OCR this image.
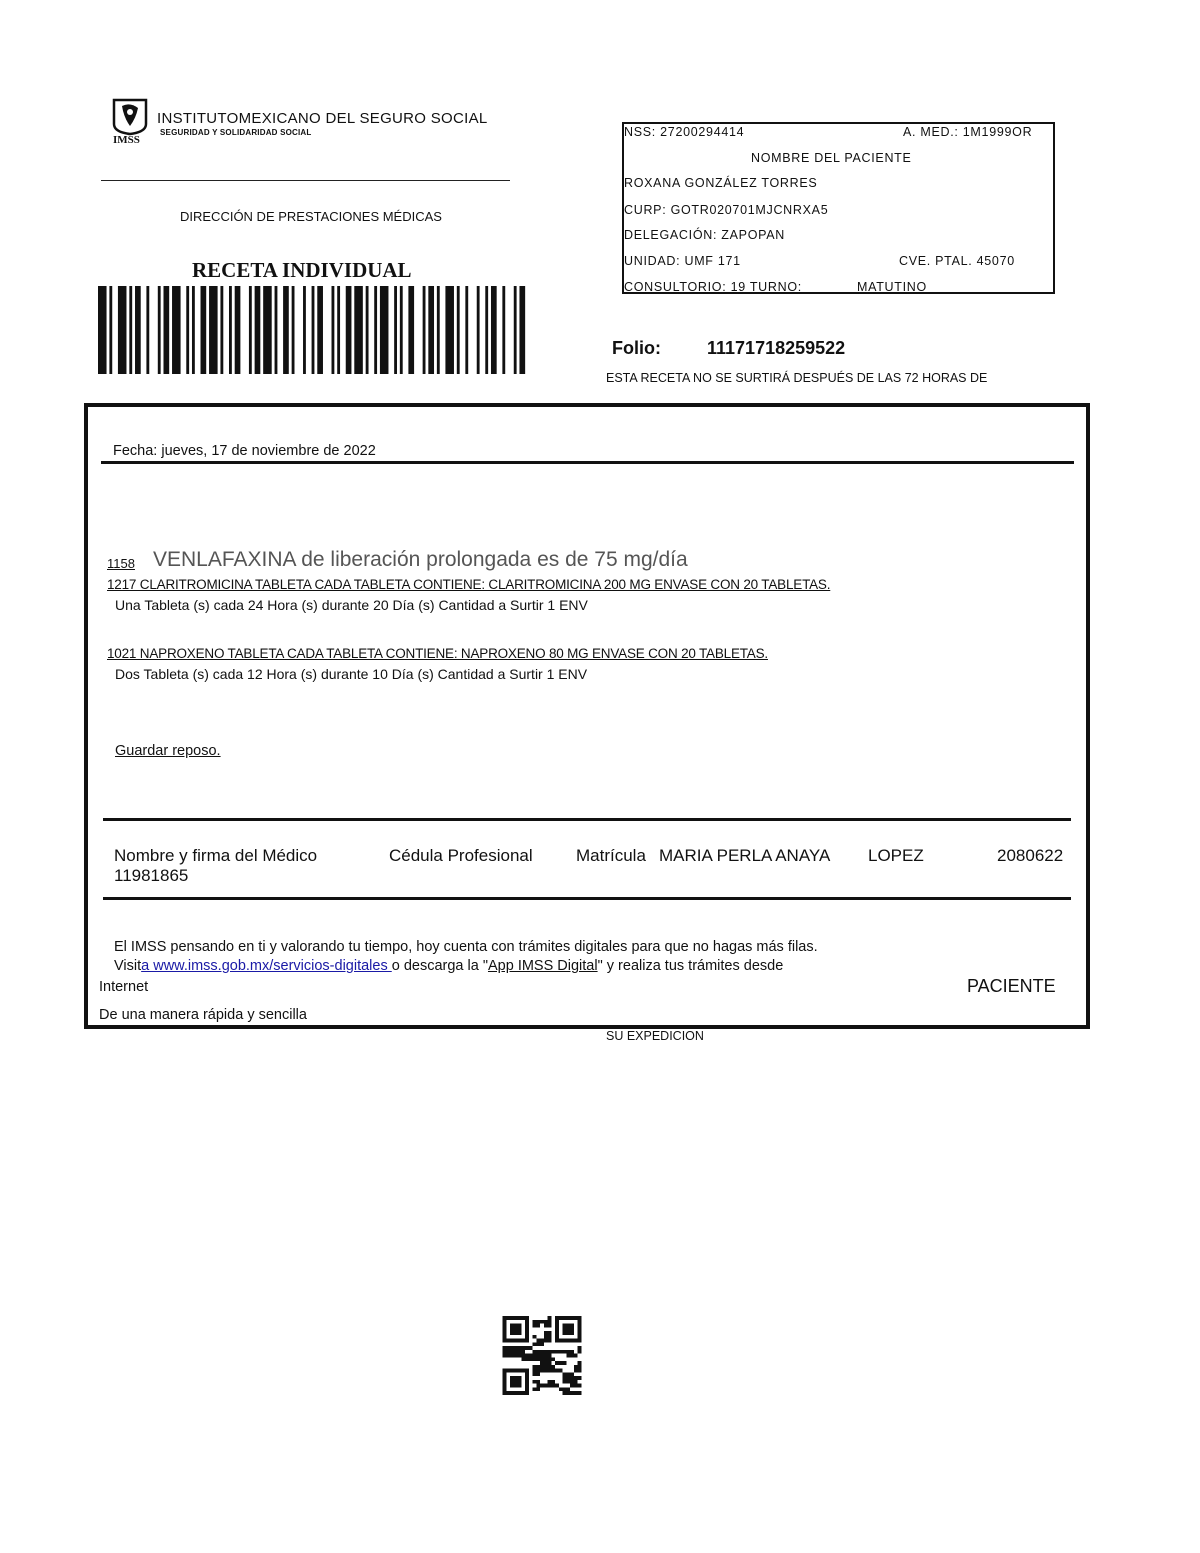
IMSS
INSTITUTOMEXICANO DEL SEGURO SOCIAL
SEGURIDAD Y SOLIDARIDAD SOCIAL
DIRECCIÓN DE PRESTACIONES MÉDICAS
RECETA INDIVIDUAL
NSS: 27200294414	A. MED.: 1M1999OR
NOMBRE DEL PACIENTE
ROXANA GONZÁLEZ TORRES
CURP: GOTR020701MJCNRXA5
DELEGACIÓN: ZAPOPAN
UNIDAD: UMF 171	CVE. PTAL. 45070
CONSULTORIO: 19 TURNO:	MATUTINO
Folio:	11171718259522
ESTA RECETA NO SE SURTIRÁ DESPUÉS DE LAS 72 HORAS DE
Fecha: jueves, 17 de noviembre de 2022
1158 VENLAFAXINA de liberación prolongada es de 75 mg/día
1217 CLARITROMICINA TABLETA CADA TABLETA CONTIENE: CLARITROMICINA 200 MG ENVASE CON 20 TABLETAS.
Una Tableta (s) cada 24 Hora (s) durante 20 Día (s) Cantidad a Surtir 1 ENV
1021 NAPROXENO TABLETA CADA TABLETA CONTIENE: NAPROXENO 80 MG ENVASE CON 20 TABLETAS.
Dos Tableta (s) cada 12 Hora (s) durante 10 Día (s) Cantidad a Surtir 1 ENV
Guardar reposo.
Nombre y firma del Médico	Cédula Profesional	Matrícula MARIA PERLA ANAYA LOPEZ	2080622
11981865
El IMSS pensando en ti y valorando tu tiempo, hoy cuenta con trámites digitales para que no hagas más filas.
Visita www.imss.gob.mx/servicios-digitales o descarga la "App IMSS Digital" y realiza tus trámites desde
Internet	PACIENTE
De una manera rápida y sencilla
SU EXPEDICION
